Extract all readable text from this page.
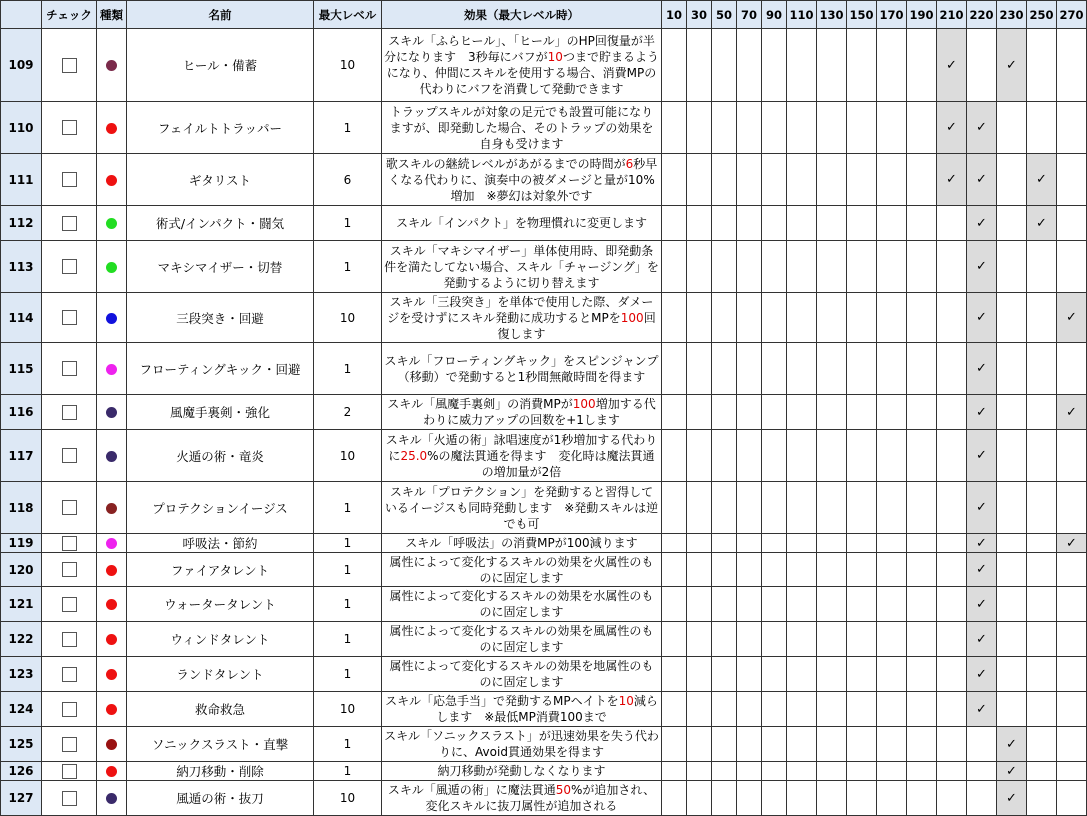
	チェック	種類	名前	最大レベル	効果（最大レベル時）	10	30	50	70	90	110	130	150	170	190	210	220	230	250	270
109			ヒール・備蓄	10	スキル「ふらヒール」、「ヒール」のHP回復量が半分になります　3秒毎にバフが10つまで貯まるようになり、仲間にスキルを使用する場合、消費MPの代わりにバフを消費して発動できます											✓		✓		
110			フェイルトトラッパー	1	トラップスキルが対象の足元でも設置可能になりますが、即発動した場合、そのトラップの効果を自身も受けます											✓	✓			
111			ギタリスト	6	歌スキルの継続レベルがあがるまでの時間が6秒早くなる代わりに、演奏中の被ダメージと量が10%増加　※夢幻は対象外です											✓	✓		✓	
112			術式/インパクト・闘気	1	スキル「インパクト」を物理慣れに変更します												✓		✓	
113			マキシマイザー・切替	1	スキル「マキシマイザー」単体使用時、即発動条件を満たしてない場合、スキル「チャージング」を発動するように切り替えます												✓			
114			三段突き・回避	10	スキル「三段突き」を単体で使用した際、ダメージを受けずにスキル発動に成功するとMPを100回復します												✓			✓
115			フローティングキック・回避	1	スキル「フローティングキック」をスピンジャンプ（移動）で発動すると1秒間無敵時間を得ます												✓			
116			風魔手裏剣・強化	2	スキル「風魔手裏剣」の消費MPが100増加する代わりに威力アップの回数を+1します												✓			✓
117			火遁の術・竜炎	10	スキル「火遁の術」詠唱速度が1秒増加する代わりに25.0%の魔法貫通を得ます　変化時は魔法貫通の増加量が2倍												✓			
118			プロテクションイージス	1	スキル「プロテクション」を発動すると習得しているイージスも同時発動します　※発動スキルは逆でも可												✓			
119			呼吸法・節約	1	スキル「呼吸法」の消費MPが100減ります												✓			✓
120			ファイアタレント	1	属性によって変化するスキルの効果を火属性のものに固定します												✓			
121			ウォータータレント	1	属性によって変化するスキルの効果を水属性のものに固定します												✓			
122			ウィンドタレント	1	属性によって変化するスキルの効果を風属性のものに固定します												✓			
123			ランドタレント	1	属性によって変化するスキルの効果を地属性のものに固定します												✓			
124			救命救急	10	スキル「応急手当」で発動するMPヘイトを10減らします　※最低MP消費100まで												✓			
125			ソニックスラスト・直撃	1	スキル「ソニックスラスト」が迅速効果を失う代わりに、Avoid貫通効果を得ます													✓		
126			納刀移動・削除	1	納刀移動が発動しなくなります													✓		
127			風遁の術・抜刀	10	スキル「風遁の術」に魔法貫通50%が追加され、変化スキルに抜刀属性が追加される													✓		
